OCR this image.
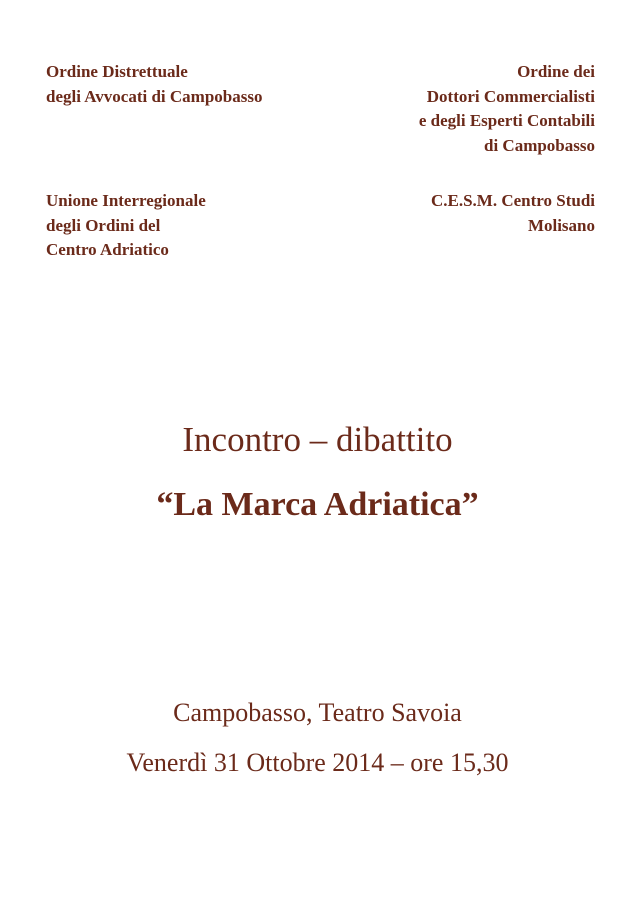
Ordine Distrettuale
degli Avvocati di Campobasso
Ordine dei
Dottori Commercialisti
e degli Esperti Contabili
di Campobasso
Unione Interregionale
degli Ordini del
Centro Adriatico
C.E.S.M. Centro Studi
Molisano
Incontro – dibattito
“La Marca Adriatica”
Campobasso, Teatro Savoia
Venerdì 31 Ottobre 2014 – ore 15,30
